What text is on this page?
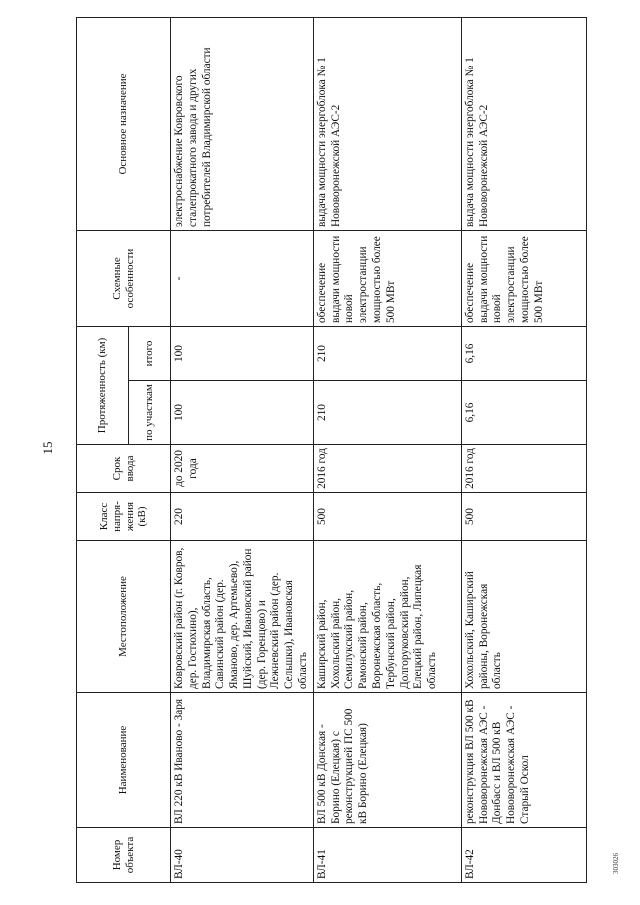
15
303026
Номер объекта	Наименование	Местоположение	Класс напря-жения (кВ)	Срок ввода	Протяженность (км)		Схемные особенности	Основное назначение
					по участкам	итого		
ВЛ-40	ВЛ 220 кВ Иваново - Заря	Ковровский район (г. Ковров, дер. Гостюхино), Владимирская область, Савинский район (дер. Яманово, дер. Артемьево), Шуйский, Ивановский район (дер. Горенцово) и Лежневский район (дер. Сельшки), Ивановская область	220	до 2020 года	100	100	-	электроснабжение Ковровского сталепрокатного завода и других потребителей Владимирской области
ВЛ-41	ВЛ 500 кВ Донская - Борино (Елецкая) с реконструкцией ПС 500 кВ Борино (Елецкая)	Каширский район, Хохольский район, Семилукский район, Рамонский район, Воронежская область, Тербунский район, Долгоруковский район, Елецкий район, Липецкая область	500	2016 год	210	210	обеспечение выдачи мощности новой электростанции мощностью более 500 МВт	выдача мощности энергоблока № 1 Нововоронежской АЭС-2
ВЛ-42	реконструкция ВЛ 500 кВ Нововоронежская АЭС - Донбасс и ВЛ 500 кВ Нововоронежская АЭС - Старый Оскол	Хохольский, Каширский районы, Воронежская область	500	2016 год	6,16	6,16	обеспечение выдачи мощности новой электростанции мощностью более 500 МВт	выдача мощности энергоблока № 1 Нововоронежской АЭС-2
